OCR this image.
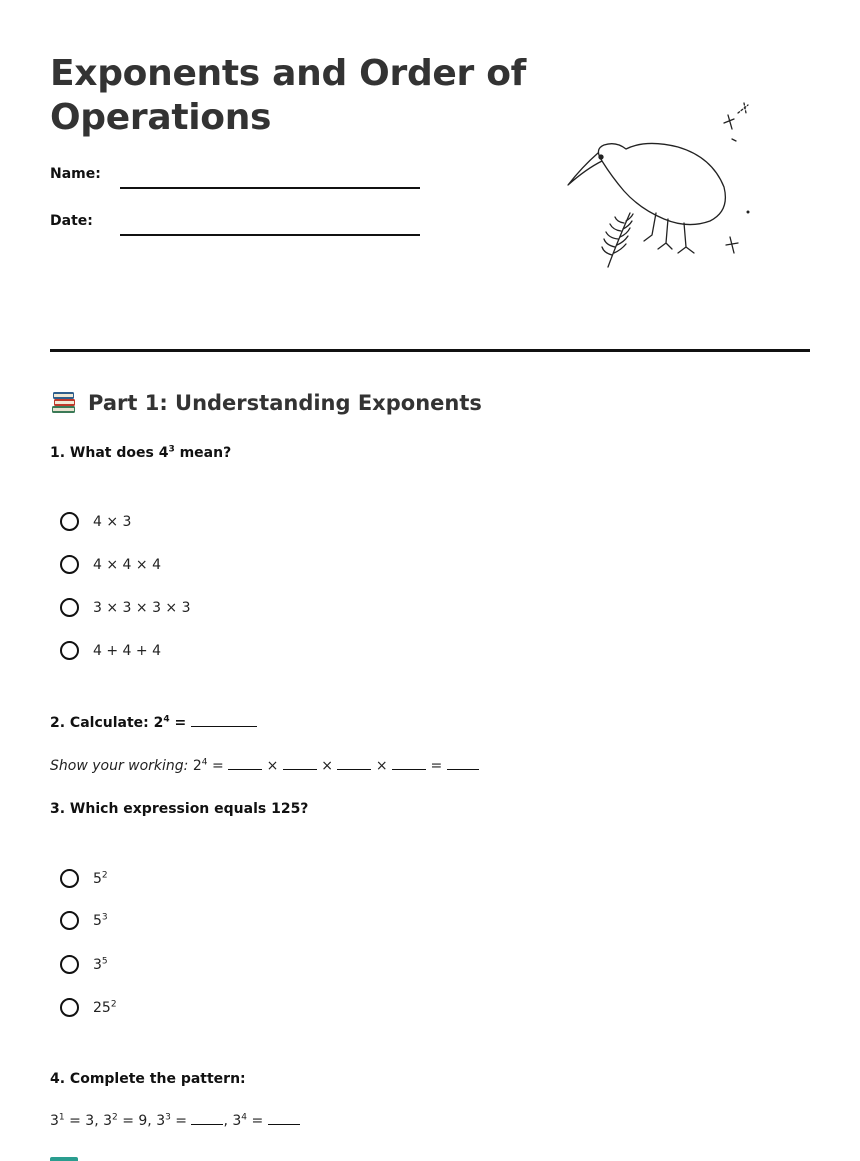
Exponents and Order of Operations
Name:
Date:
Part 1: Understanding Exponents

1. What does $4^3$ mean?

4 × 3
4 × 4 × 4
3 × 3 × 3 × 3
4 + 4 + 4

2. Calculate: $2^4$ =

Show your working: $2^4$ =	×	×	×	=

3. Which expression equals 125?

$5^2$
$5^3$
$3^5$
$25^2$

4. Complete the pattern:

$3^1 = 3$, $3^2 = 9$, $3^3$ =	, $3^4$ =
